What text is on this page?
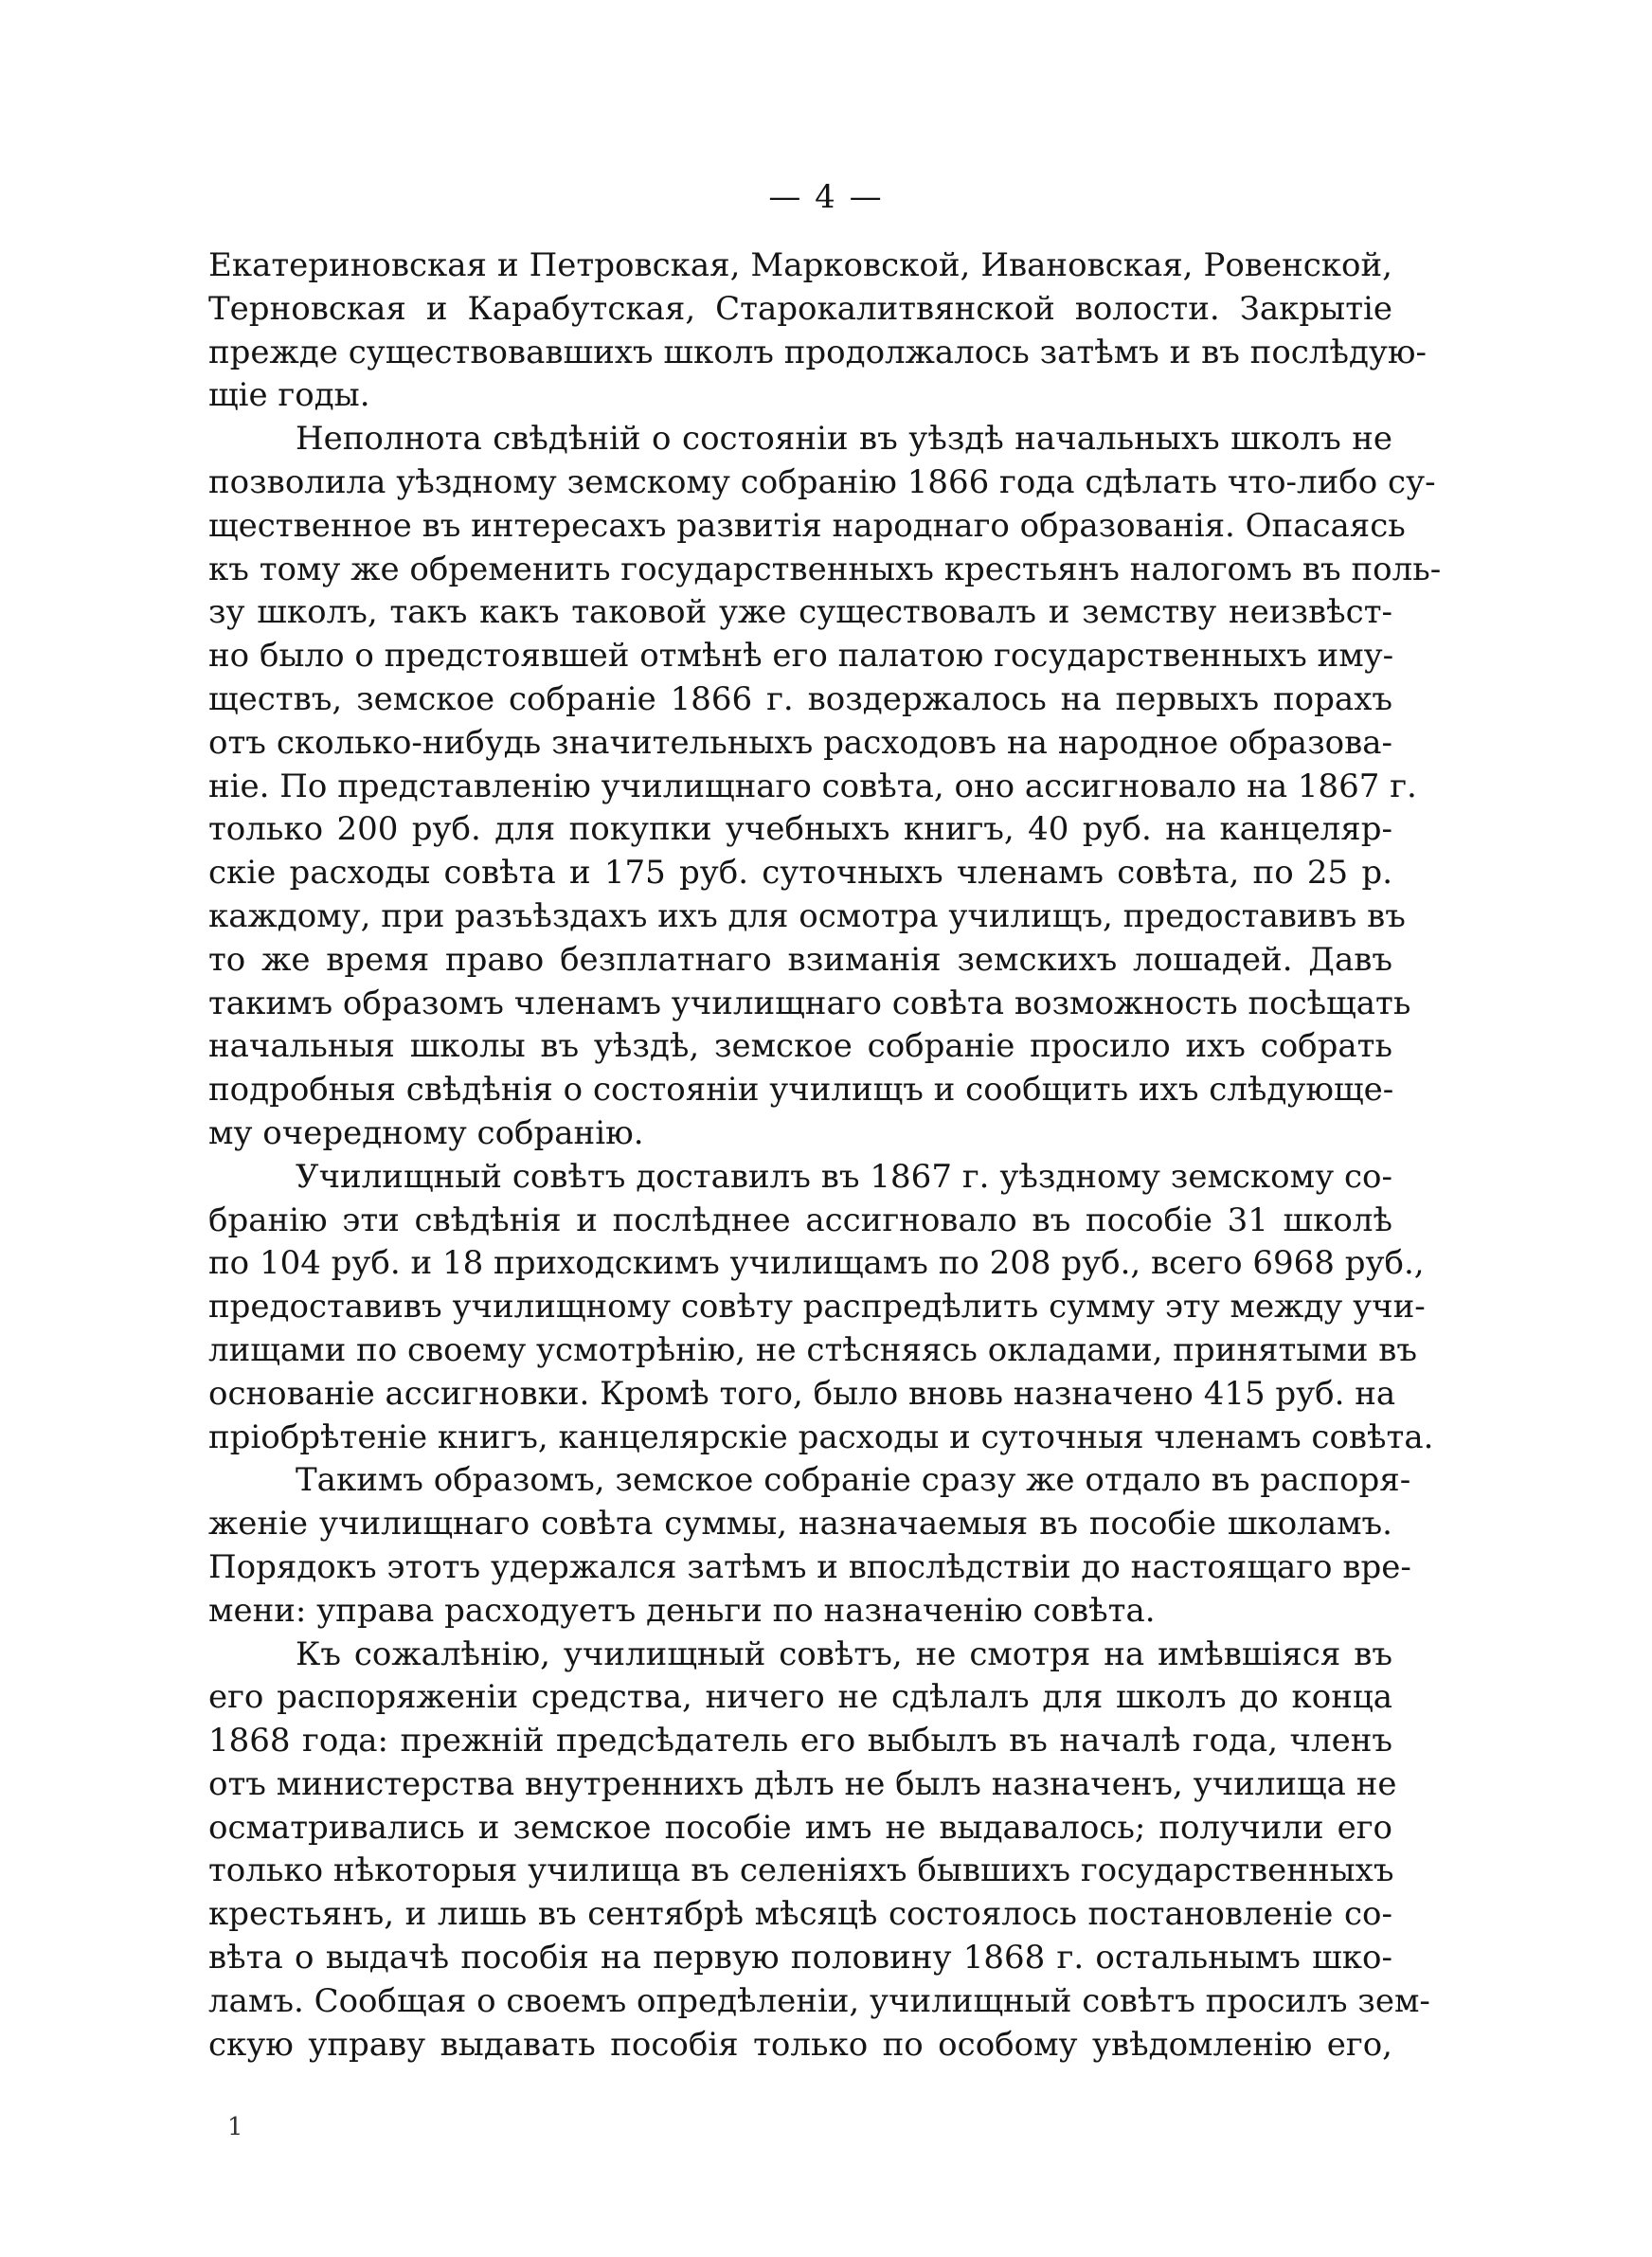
— 4 —
Екатериновская и Петровская, Марковской, Ивановская, Ровенской,
Терновская и Карабутская, Старокалитвянской волости. Закрытіе
прежде существовавшихъ школъ продолжалось затѣмъ и въ послѣдую-
щіе годы.
Неполнота свѣдѣній о состояніи въ уѣздѣ начальныхъ школъ не
позволила уѣздному земскому собранію 1866 года сдѣлать что-либо су-
щественное въ интересахъ развитія народнаго образованія. Опасаясь
къ тому же обременить государственныхъ крестьянъ налогомъ въ поль-
зу школъ, такъ какъ таковой уже существовалъ и земству неизвѣст-
но было о предстоявшей отмѣнѣ его палатою государственныхъ иму-
ществъ, земское собраніе 1866 г. воздержалось на первыхъ порахъ
отъ сколько-нибудь значительныхъ расходовъ на народное образова-
ніе. По представленію училищнаго совѣта, оно ассигновало на 1867 г.
только 200 руб. для покупки учебныхъ книгъ, 40 руб. на канцеляр-
скіе расходы совѣта и 175 руб. суточныхъ членамъ совѣта, по 25 р.
каждому, при разъѣздахъ ихъ для осмотра училищъ, предоставивъ въ
то же время право безплатнаго взиманія земскихъ лошадей. Давъ
такимъ образомъ членамъ училищнаго совѣта возможность посѣщать
начальныя школы въ уѣздѣ, земское собраніе просило ихъ собрать
подробныя свѣдѣнія о состояніи училищъ и сообщить ихъ слѣдующе-
му очередному собранію.
Училищный совѣтъ доставилъ въ 1867 г. уѣздному земскому со-
бранію эти свѣдѣнія и послѣднее ассигновало въ пособіе 31 школѣ
по 104 руб. и 18 приходскимъ училищамъ по 208 руб., всего 6968 руб.,
предоставивъ училищному совѣту распредѣлить сумму эту между учи-
лищами по своему усмотрѣнію, не стѣсняясь окладами, принятыми въ
основаніе ассигновки. Кромѣ того, было вновь назначено 415 руб. на
пріобрѣтеніе книгъ, канцелярскіе расходы и суточныя членамъ совѣта.
Такимъ образомъ, земское собраніе сразу же отдало въ распоря-
женіе училищнаго совѣта суммы, назначаемыя въ пособіе школамъ.
Порядокъ этотъ удержался затѣмъ и впослѣдствіи до настоящаго вре-
мени: управа расходуетъ деньги по назначенію совѣта.
Къ сожалѣнію, училищный совѣтъ, не смотря на имѣвшіяся въ
его распоряженіи средства, ничего не сдѣлалъ для школъ до конца
1868 года: прежній предсѣдатель его выбылъ въ началѣ года, членъ
отъ министерства внутреннихъ дѣлъ не былъ назначенъ, училища не
осматривались и земское пособіе имъ не выдавалось; получили его
только нѣкоторыя училища въ селеніяхъ бывшихъ государственныхъ
крестьянъ, и лишь въ сентябрѣ мѣсяцѣ состоялось постановленіе со-
вѣта о выдачѣ пособія на первую половину 1868 г. остальнымъ шко-
ламъ. Сообщая о своемъ опредѣленіи, училищный совѣтъ просилъ зем-
скую управу выдавать пособія только по особому увѣдомленію его,
1
